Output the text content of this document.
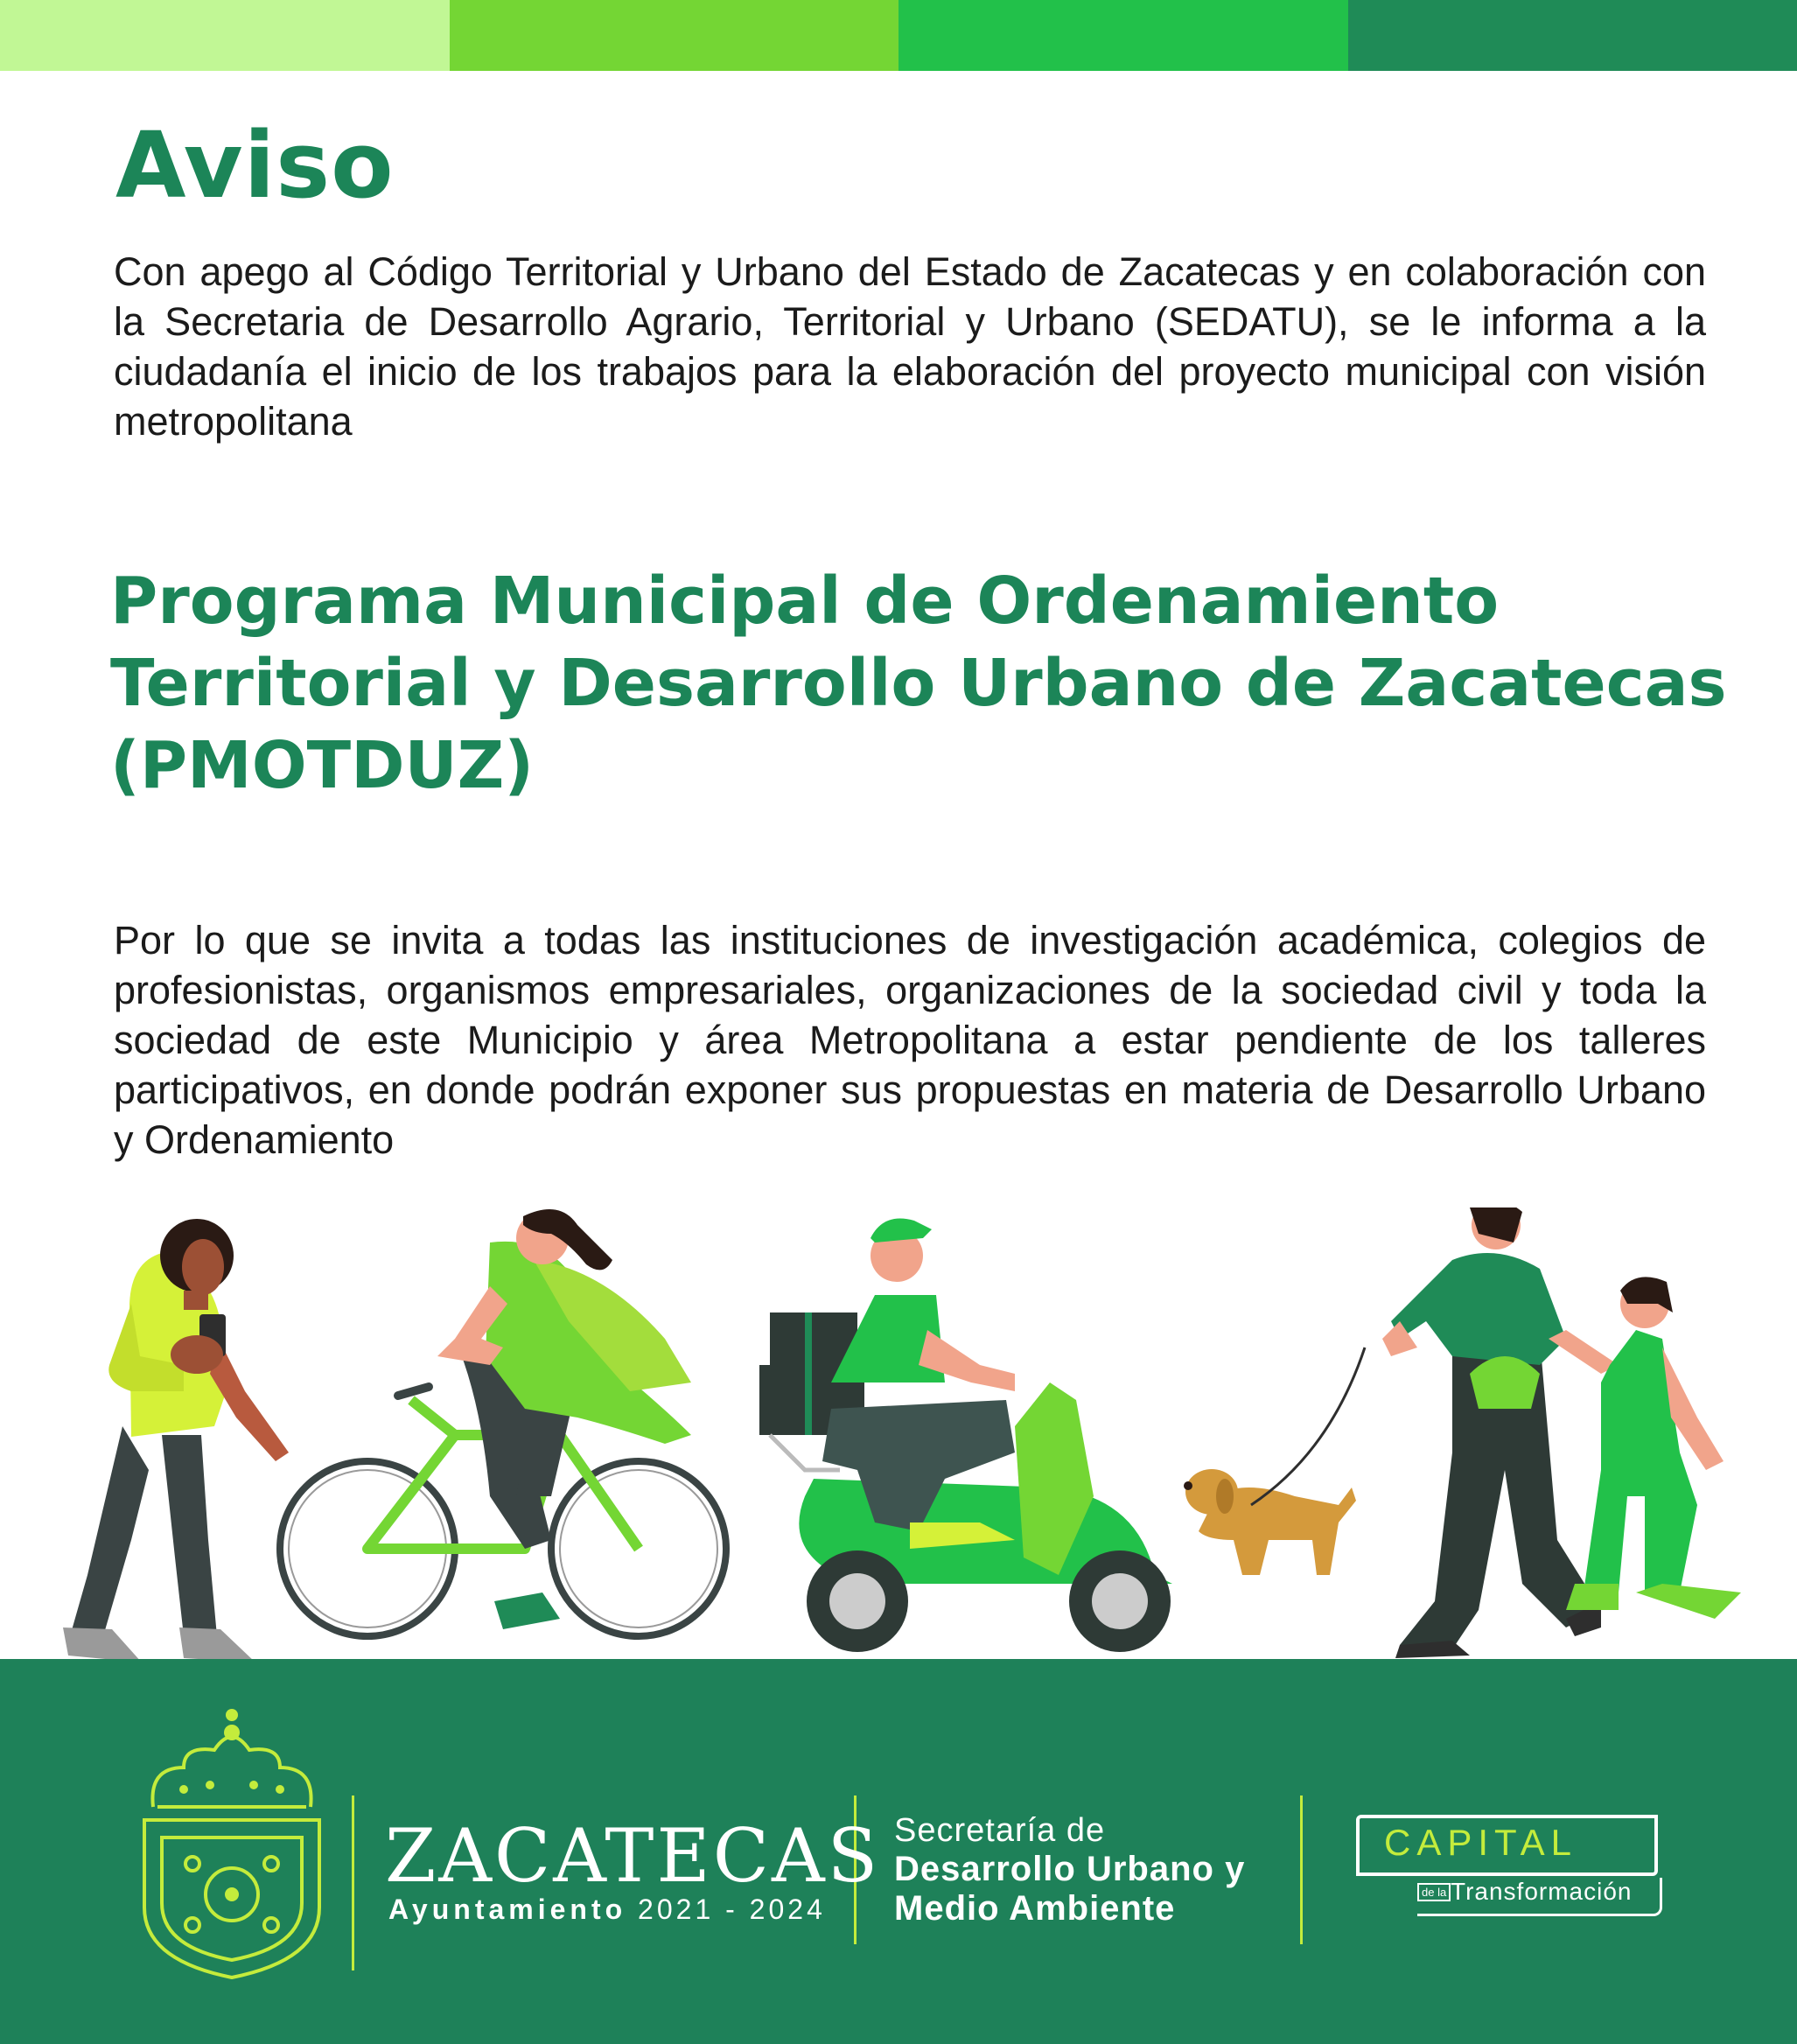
Aviso

Con apego al Código Territorial y Urbano del Estado de Zacatecas y en colaboración con la Secretaria de Desarrollo Agrario, Territorial y Urbano (SEDATU), se le informa a la ciudadanía el inicio de los trabajos para la elaboración del proyecto municipal con visión metropolitana

Programa Municipal de Ordenamiento
Territorial y Desarrollo Urbano de Zacatecas
(PMOTDUZ)

Por lo que se invita a todas las instituciones de investigación académica, colegios de profesionistas, organismos empresariales, organizaciones de la sociedad civil y toda la sociedad de este Municipio y área Metropolitana a estar pendiente de los talleres participativos, en donde podrán exponer sus propuestas en materia de Desarrollo Urbano y Ordenamiento

ZACATECAS
Ayuntamiento 2021 - 2024
Secretaría de
Desarrollo Urbano y
Medio Ambiente
CAPITAL
de la Transformación
